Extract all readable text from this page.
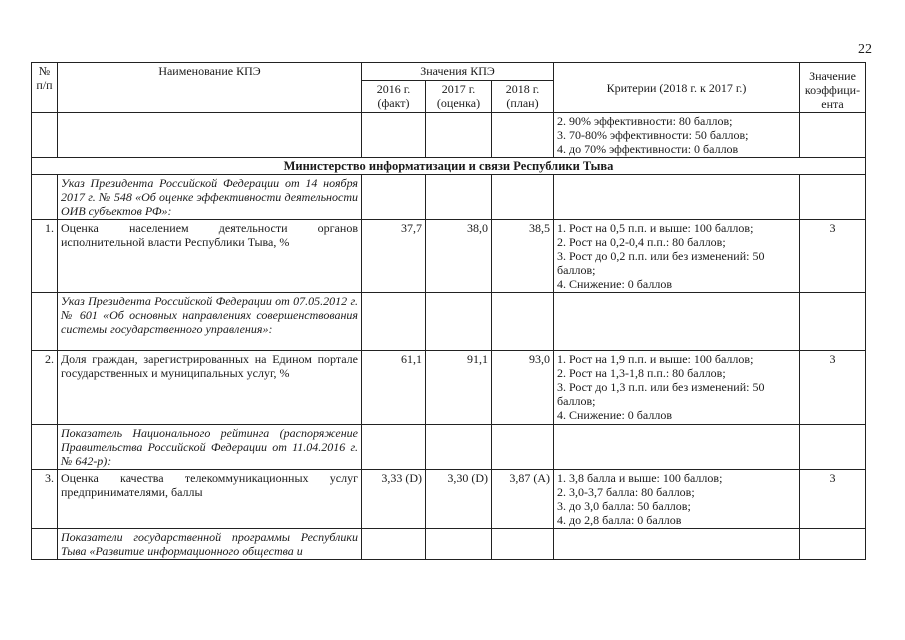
22
№ п/п	Наименование КПЭ	Значения КПЭ			Критерии (2018 г. к 2017 г.)	Значение коэффици-ента
		2016 г. (факт)	2017 г. (оценка)	2018 г. (план)		

					2. 90% эффективности: 80 баллов;
3. 70-80% эффективности: 50 баллов;
4. до 70% эффективности: 0 баллов	

Министерство информатизации и связи Республики Тыва						
	Указ Президента Российской Федерации от 14 ноября 2017 г. № 548 «Об оценке эффективности деятельности ОИВ субъектов РФ»:					
1.	Оценка населением деятельности органов исполнительной власти Республики Тыва, %	37,7	38,0	38,5	1. Рост на 0,5 п.п. и выше: 100 баллов;
2. Рост на 0,2-0,4 п.п.: 80 баллов;
3. Рост до 0,2 п.п. или без изменений: 50 баллов;
4. Снижение: 0 баллов	3
	Указ Президента Российской Федерации от 07.05.2012 г. № 601 «Об основных направлениях совершенствования системы государственного управления»:					
2.	Доля граждан, зарегистрированных на Едином портале государственных и муниципальных услуг, %	61,1	91,1	93,0	1. Рост на 1,9 п.п. и выше: 100 баллов;
2. Рост на 1,3-1,8 п.п.: 80 баллов;
3. Рост до 1,3 п.п. или без изменений: 50 баллов;
4. Снижение: 0 баллов	3
	Показатель Национального рейтинга (распоряжение Правительства Российской Федерации от 11.04.2016 г. № 642-р):					
3.	Оценка качества телекоммуникационных услуг предпринимателями, баллы	3,33 (D)	3,30 (D)	3,87 (A)	1. 3,8 балла и выше: 100 баллов;
2. 3,0-3,7 балла: 80 баллов;
3. до 3,0 балла: 50 баллов;
4. до 2,8 балла: 0 баллов	3
	Показатели государственной программы Республики Тыва «Развитие информационного общества и					
